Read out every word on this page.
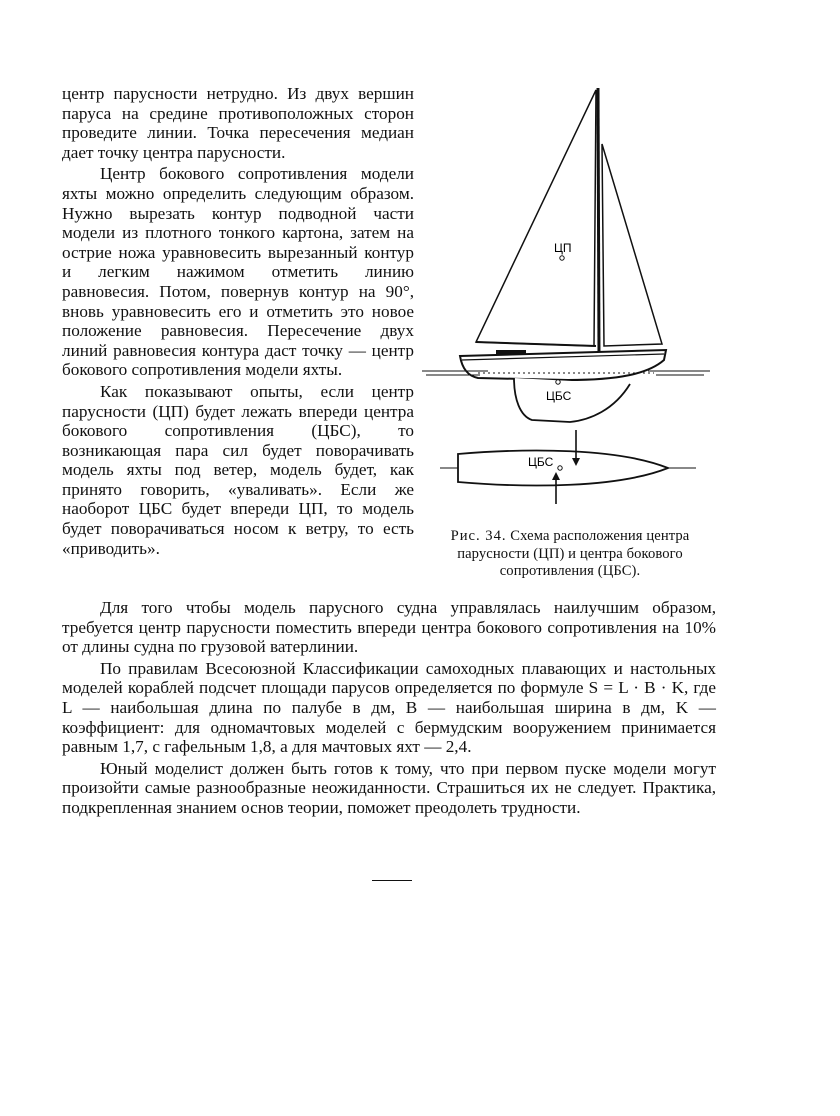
центр парусности нетрудно. Из двух вершин паруса на средине противоположных сторон проведите линии. Точка пересечения медиан дает точку центра парусности.

Центр бокового сопротивления модели яхты можно определить следующим образом. Нужно вырезать контур подводной части модели из плотного тонкого картона, затем на острие ножа уравновесить вырезанный контур и легким нажимом отметить линию равновесия. Потом, повернув контур на 90°, вновь уравновесить его и отметить это новое положение равновесия. Пересечение двух линий равновесия контура даст точку — центр бокового сопротивления модели яхты.

Как показывают опыты, если центр парусности (ЦП) будет лежать впереди центра бокового сопротивления (ЦБС), то возникающая пара сил будет поворачивать модель яхты под ветер, модель будет, как принято говорить, «уваливать». Если же наоборот ЦБС будет впереди ЦП, то модель будет поворачиваться носом к ветру, то есть «приводить».

ЦП
ЦБС
ЦБС
Рис. 34. Схема расположения центра парусности (ЦП) и центра бокового сопротивления (ЦБС).

Для того чтобы модель парусного судна управлялась наилучшим образом, требуется центр парусности поместить впереди центра бокового сопротивления на 10% от длины судна по грузовой ватерлинии.

По правилам Всесоюзной Классификации самоходных плавающих и настольных моделей кораблей подсчет площади парусов определяется по формуле S = L · B · K, где L — наибольшая длина по палубе в дм, B — наибольшая ширина в дм, K — коэффициент: для одномачтовых моделей с бермудским вооружением принимается равным 1,7, с гафельным 1,8, а для мачтовых яхт — 2,4.

Юный моделист должен быть готов к тому, что при первом пуске модели могут произойти самые разнообразные неожиданности. Страшиться их не следует. Практика, подкрепленная знанием основ теории, поможет преодолеть трудности.
